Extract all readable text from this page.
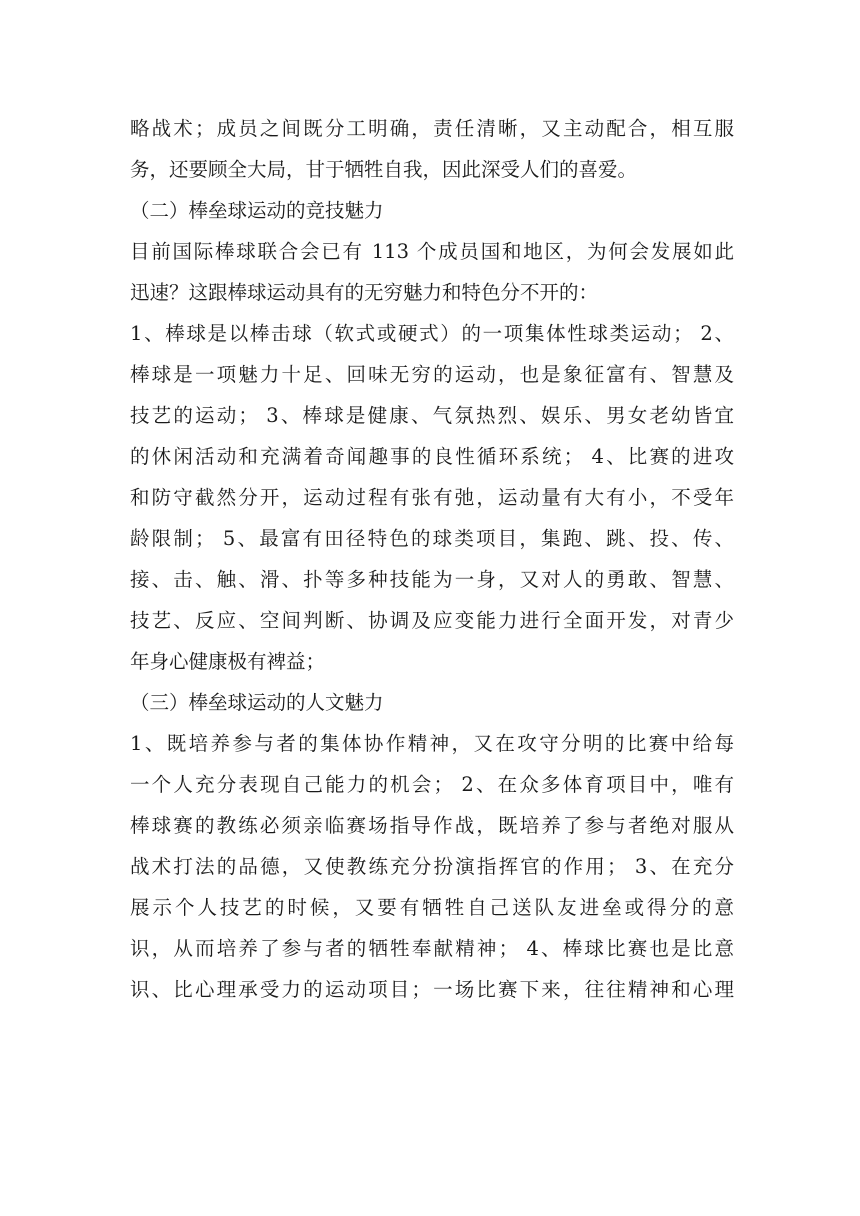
略战术；成员之间既分工明确，责任清晰，又主动配合，相互服
务，还要顾全大局，甘于牺牲自我，因此深受人们的喜爱。
（二）棒垒球运动的竞技魅力
目前国际棒球联合会已有 113 个成员国和地区，为何会发展如此
迅速？这跟棒球运动具有的无穷魅力和特色分不开的：
1、棒球是以棒击球（软式或硬式）的一项集体性球类运动； 2、
棒球是一项魅力十足、回味无穷的运动，也是象征富有、智慧及
技艺的运动； 3、棒球是健康、气氛热烈、娱乐、男女老幼皆宜
的休闲活动和充满着奇闻趣事的良性循环系统； 4、比赛的进攻
和防守截然分开，运动过程有张有弛，运动量有大有小，不受年
龄限制； 5、最富有田径特色的球类项目，集跑、跳、投、传、
接、击、触、滑、扑等多种技能为一身，又对人的勇敢、智慧、
技艺、反应、空间判断、协调及应变能力进行全面开发，对青少
年身心健康极有裨益；
（三）棒垒球运动的人文魅力
1、既培养参与者的集体协作精神，又在攻守分明的比赛中给每
一个人充分表现自己能力的机会； 2、在众多体育项目中，唯有
棒球赛的教练必须亲临赛场指导作战，既培养了参与者绝对服从
战术打法的品德，又使教练充分扮演指挥官的作用； 3、在充分
展示个人技艺的时候，又要有牺牲自己送队友进垒或得分的意
识，从而培养了参与者的牺牲奉献精神； 4、棒球比赛也是比意
识、比心理承受力的运动项目；一场比赛下来，往往精神和心理
